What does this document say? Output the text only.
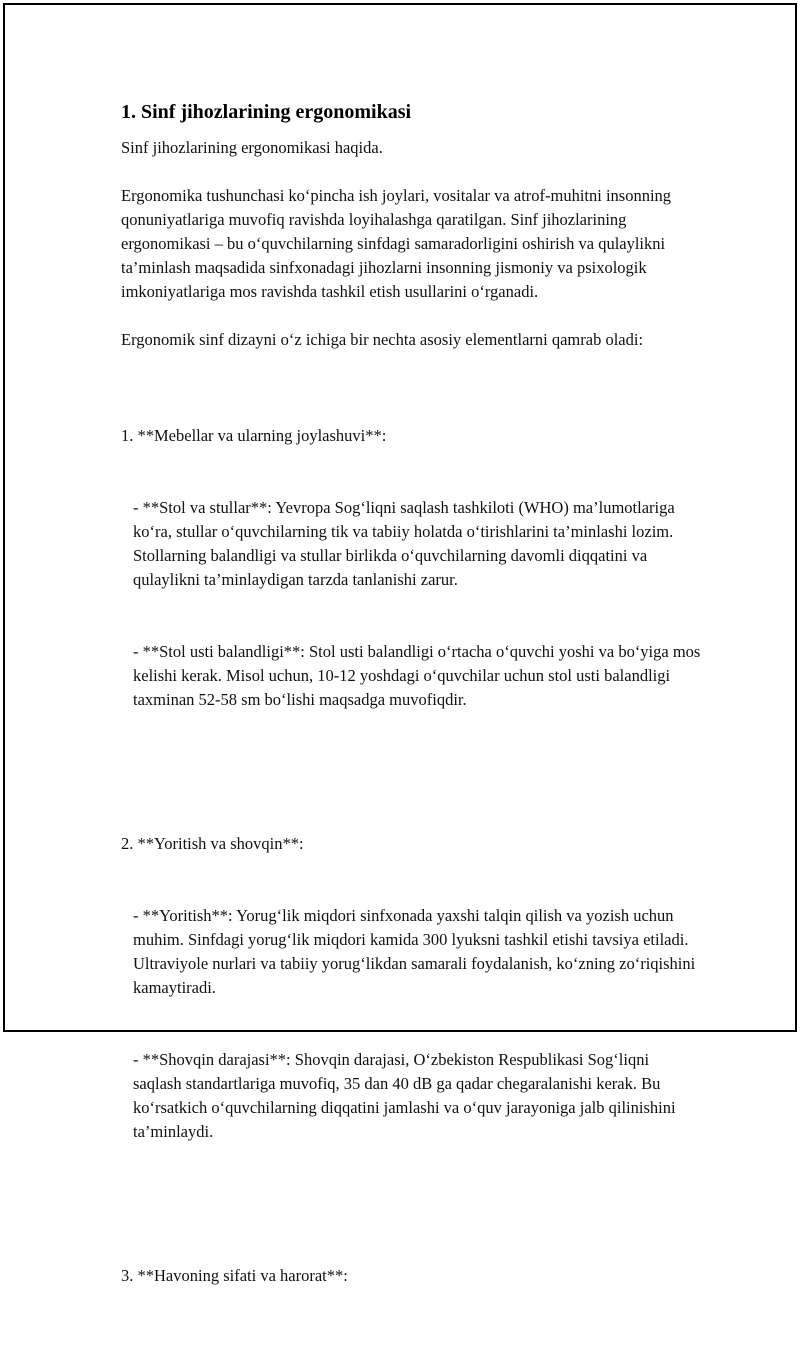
1. Sinf jihozlarining ergonomikasi

Sinf jihozlarining ergonomikasi haqida.

Ergonomika tushunchasi ko‘pincha ish joylari, vositalar va atrof-muhitni insonning qonuniyatlariga muvofiq ravishda loyihalashga qaratilgan. Sinf jihozlarining ergonomikasi – bu o‘quvchilarning sinfdagi samaradorligini oshirish va qulaylikni ta’minlash maqsadida sinfxonadagi jihozlarni insonning jismoniy va psixologik imkoniyatlariga mos ravishda tashkil etish usullarini o‘rganadi.

Ergonomik sinf dizayni o‘z ichiga bir nechta asosiy elementlarni qamrab oladi:

1. **Mebellar va ularning joylashuvi**:

- **Stol va stullar**: Yevropa Sog‘liqni saqlash tashkiloti (WHO) ma’lumotlariga ko‘ra, stullar o‘quvchilarning tik va tabiiy holatda o‘tirishlarini ta’minlashi lozim. Stollarning balandligi va stullar birlikda o‘quvchilarning davomli diqqatini va qulaylikni ta’minlaydigan tarzda tanlanishi zarur.

- **Stol usti balandligi**: Stol usti balandligi o‘rtacha o‘quvchi yoshi va bo‘yiga mos kelishi kerak. Misol uchun, 10-12 yoshdagi o‘quvchilar uchun stol usti balandligi taxminan 52-58 sm bo‘lishi maqsadga muvofiqdir.

2. **Yoritish va shovqin**:

- **Yoritish**: Yorug‘lik miqdori sinfxonada yaxshi talqin qilish va yozish uchun muhim. Sinfdagi yorug‘lik miqdori kamida 300 lyuksni tashkil etishi tavsiya etiladi. Ultraviyole nurlari va tabiiy yorug‘likdan samarali foydalanish, ko‘zning zo‘riqishini kamaytiradi.

- **Shovqin darajasi**: Shovqin darajasi, O‘zbekiston Respublikasi Sog‘liqni saqlash standartlariga muvofiq, 35 dan 40 dB ga qadar chegaralanishi kerak. Bu ko‘rsatkich o‘quvchilarning diqqatini jamlashi va o‘quv jarayoniga jalb qilinishini ta’minlaydi.

3. **Havoning sifati va harorat**:
